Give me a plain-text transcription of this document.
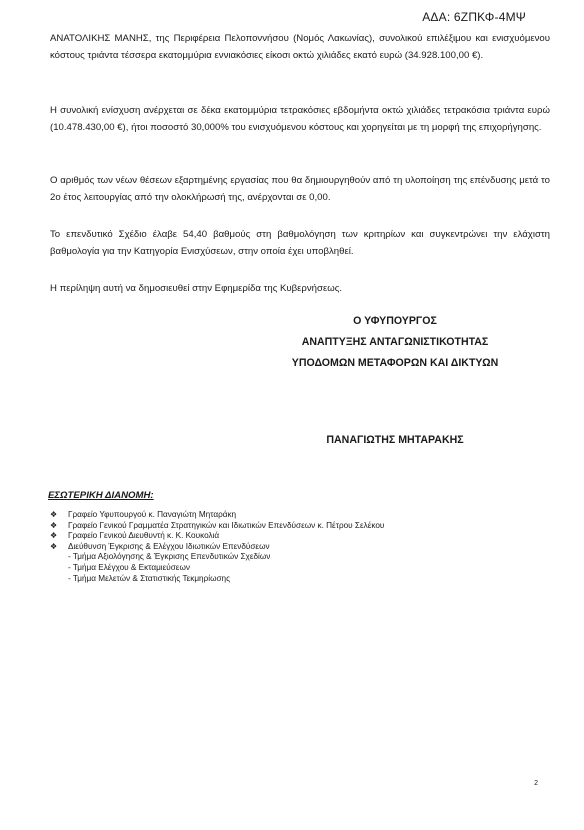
ΑΔΑ: 6ΖΠΚΦ-4ΜΨ

ΑΝΑΤΟΛΙΚΗΣ ΜΑΝΗΣ, της Περιφέρεια Πελοποννήσου (Νομός Λακωνίας), συνολικού επιλέξιμου και ενισχυόμενου κόστους τριάντα τέσσερα εκατομμύρια εννιακόσιες είκοσι οκτώ χιλιάδες εκατό ευρώ (34.928.100,00 €).

Η συνολική ενίσχυση ανέρχεται σε δέκα εκατομμύρια τετρακόσιες εβδομήντα οκτώ χιλιάδες τετρακόσια τριάντα ευρώ (10.478.430,00 €), ήτοι ποσοστό 30,000% του ενισχυόμενου κόστους και χορηγείται με τη μορφή της επιχορήγησης.

Ο αριθμός των νέων θέσεων εξαρτημένης εργασίας που θα δημιουργηθούν από τη υλοποίηση της επένδυσης μετά το 2ο έτος λειτουργίας από την ολοκλήρωσή της, ανέρχονται σε 0,00.

Το επενδυτικό Σχέδιο έλαβε 54,40 βαθμούς στη βαθμολόγηση των κριτηρίων και συγκεντρώνει την ελάχιστη βαθμολογία για την Κατηγορία Ενισχύσεων, στην οποία έχει υποβληθεί.

Η περίληψη αυτή να δημοσιευθεί στην Εφημερίδα της Κυβερνήσεως.

Ο ΥΦΥΠΟΥΡΓΟΣ
ΑΝΑΠΤΥΞΗΣ ΑΝΤΑΓΩΝΙΣΤΙΚΟΤΗΤΑΣ
ΥΠΟΔΟΜΩΝ ΜΕΤΑΦΟΡΩΝ ΚΑΙ ΔΙΚΤΥΩΝ
ΠΑΝΑΓΙΩΤΗΣ ΜΗΤΑΡΑΚΗΣ
ΕΣΩΤΕΡΙΚΗ ΔΙΑΝΟΜΗ:
❖ Γραφείο Υφυπουργού κ. Παναγιώτη Μηταράκη
❖ Γραφείο Γενικού Γραμματέα Στρατηγικών και Ιδιωτικών Επενδύσεων κ. Πέτρου Σελέκου
❖ Γραφείο Γενικού Διευθυντή κ. Κ. Κουκολιά
❖ Διεύθυνση Έγκρισης & Ελέγχου Ιδιωτικών Επενδύσεων
- Τμήμα Αξιολόγησης & Έγκρισης Επενδυτικών Σχεδίων
- Τμήμα Ελέγχου & Εκταμιεύσεων
- Τμήμα Μελετών & Στατιστικής Τεκμηρίωσης
2
